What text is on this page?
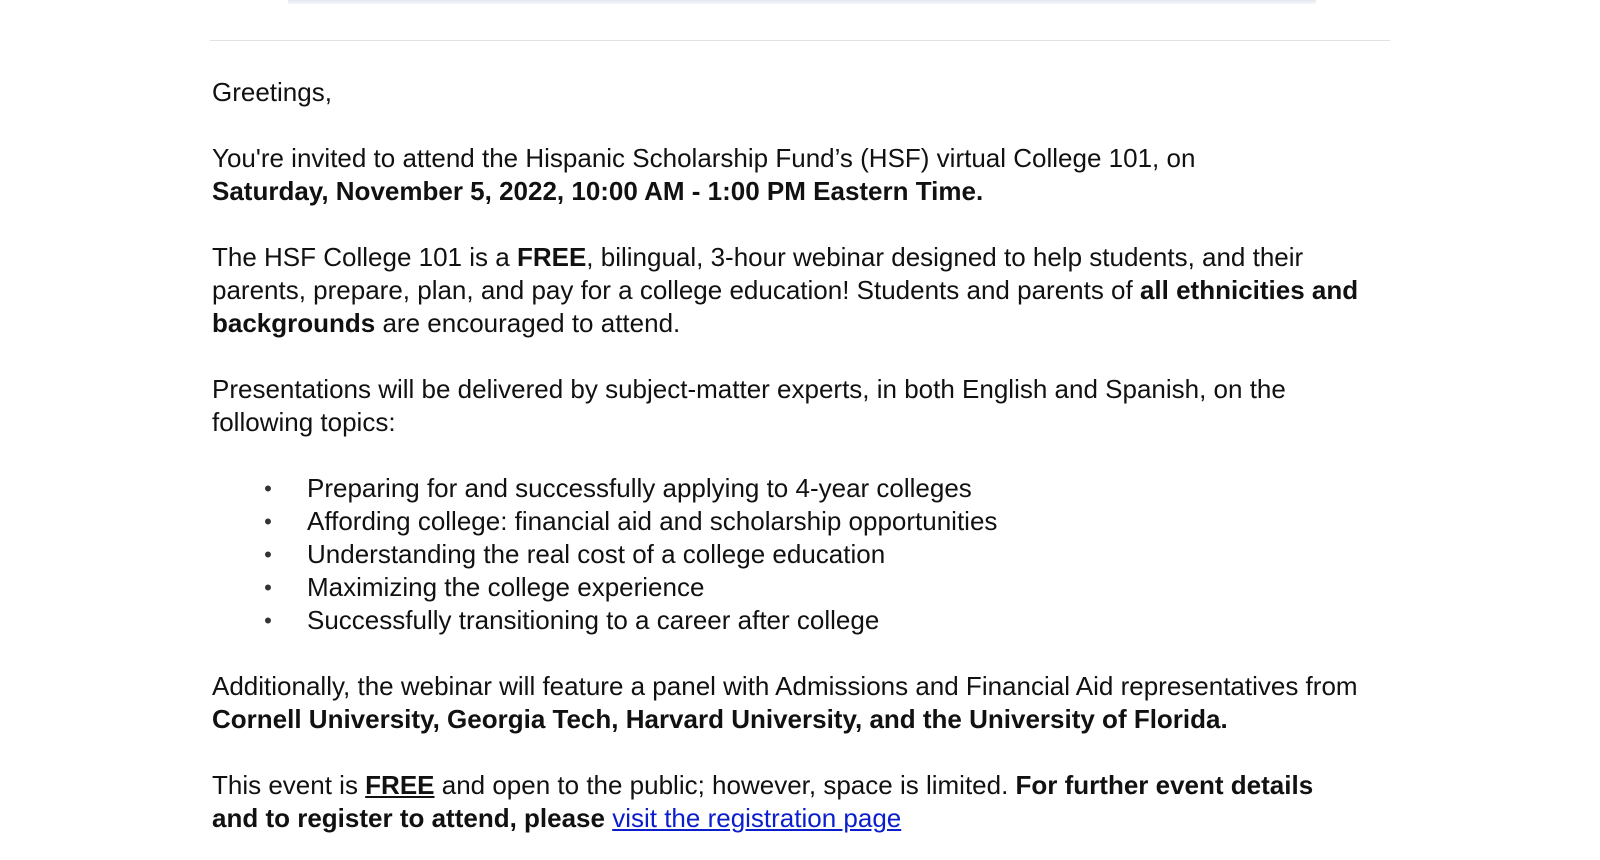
Greetings,

You're invited to attend the Hispanic Scholarship Fund’s (HSF) virtual College 101, on
Saturday, November 5, 2022, 10:00 AM - 1:00 PM Eastern Time.

The HSF College 101 is a FREE, bilingual, 3-hour webinar designed to help students, and their parents, prepare, plan, and pay for a college education! Students and parents of all ethnicities and backgrounds are encouraged to attend.

Presentations will be delivered by subject-matter experts, in both English and Spanish, on the following topics:

• Preparing for and successfully applying to 4-year colleges
• Affording college: financial aid and scholarship opportunities
• Understanding the real cost of a college education
• Maximizing the college experience
• Successfully transitioning to a career after college

Additionally, the webinar will feature a panel with Admissions and Financial Aid representatives from Cornell University, Georgia Tech, Harvard University, and the University of Florida.

This event is FREE and open to the public; however, space is limited. For further event details and to register to attend, please visit the registration page
